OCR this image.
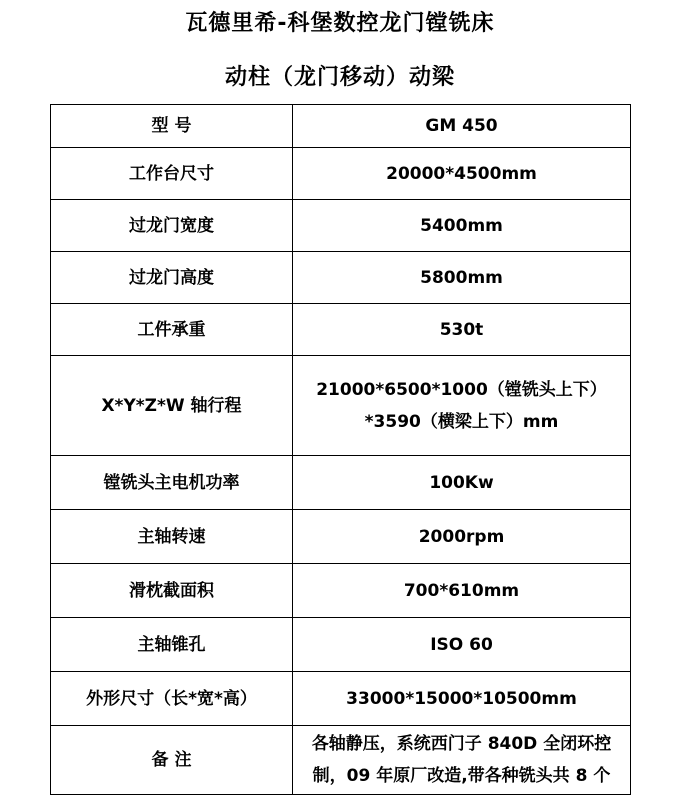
瓦德里希-科堡数控龙门镗铣床
动柱（龙门移动）动梁
型 号	GM 450
工作台尺寸	20000*4500mm
过龙门宽度	5400mm
过龙门高度	5800mm
工件承重	530t
X*Y*Z*W 轴行程	21000*6500*1000（镗铣头上下）
*3590（横梁上下）mm

镗铣头主电机功率	100Kw
主轴转速	2000rpm
滑枕截面积	700*610mm
主轴锥孔	ISO 60
外形尺寸（长*宽*高）	33000*15000*10500mm
备 注	各轴静压，系统西门子 840D 全闭环控
制，09 年原厂改造,带各种铣头共 8 个
